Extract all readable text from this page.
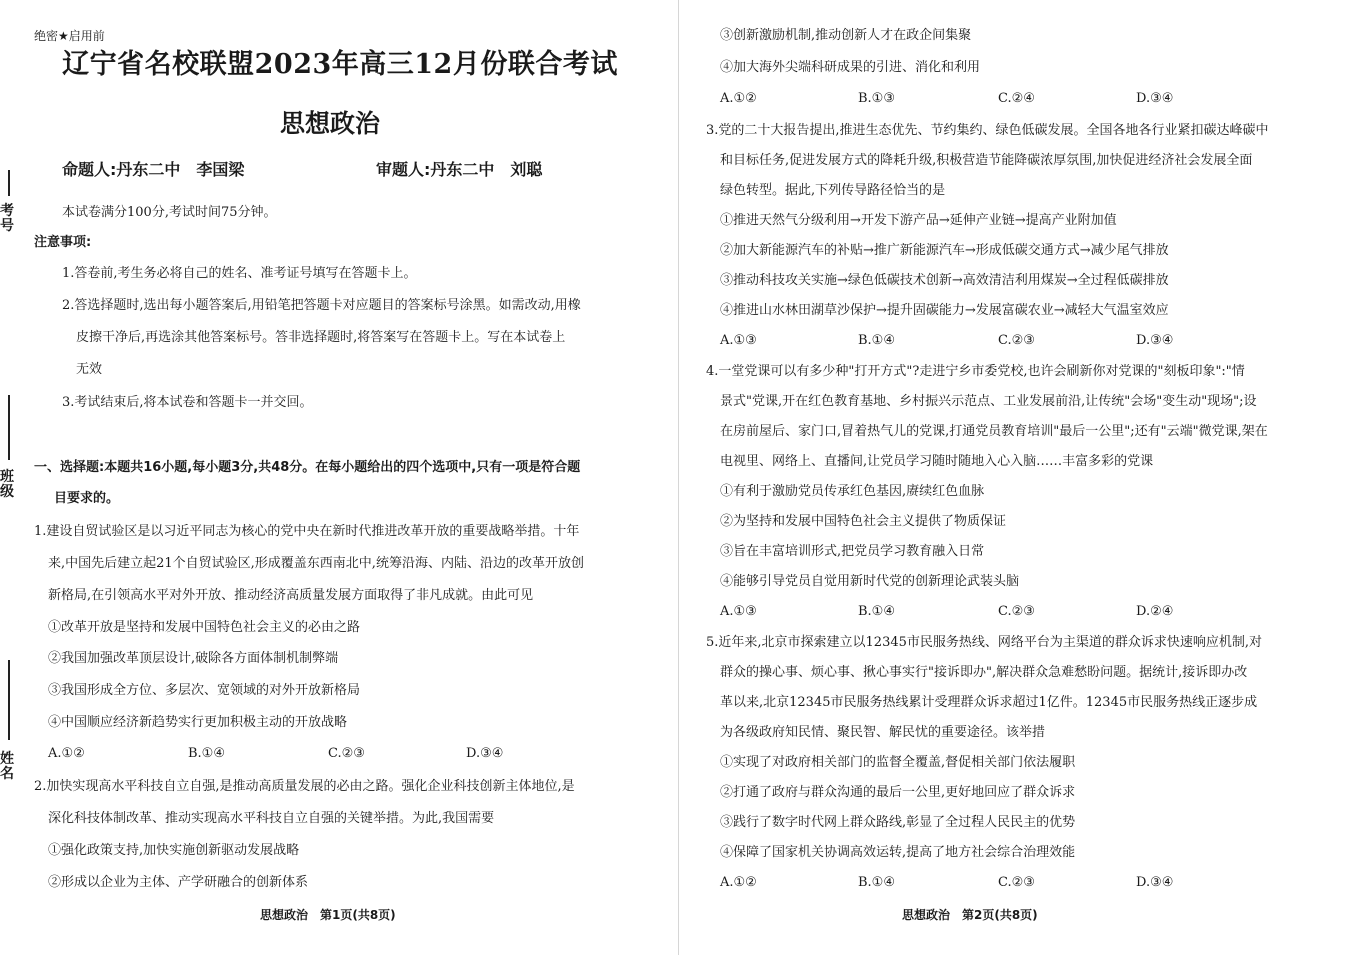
考号
班级
姓名
绝密★启用前
辽宁省名校联盟2023年高三12月份联合考试
思想政治
命题人:丹东二中　李国梁	审题人:丹东二中　刘聪
本试卷满分100分,考试时间75分钟。
注意事项:
1.答卷前,考生务必将自己的姓名、准考证号填写在答题卡上。
2.答选择题时,选出每小题答案后,用铅笔把答题卡对应题目的答案标号涂黑。如需改动,用橡
皮擦干净后,再选涂其他答案标号。答非选择题时,将答案写在答题卡上。写在本试卷上
无效
3.考试结束后,将本试卷和答题卡一并交回。
一、选择题:本题共16小题,每小题3分,共48分。在每小题给出的四个选项中,只有一项是符合题
目要求的。
1.建设自贸试验区是以习近平同志为核心的党中央在新时代推进改革开放的重要战略举措。十年
来,中国先后建立起21个自贸试验区,形成覆盖东西南北中,统筹沿海、内陆、沿边的改革开放创
新格局,在引领高水平对外开放、推动经济高质量发展方面取得了非凡成就。由此可见
①改革开放是坚持和发展中国特色社会主义的必由之路
②我国加强改革顶层设计,破除各方面体制机制弊端
③我国形成全方位、多层次、宽领域的对外开放新格局
④中国顺应经济新趋势实行更加积极主动的开放战略
A.①②	B.①④	C.②③	D.③④
2.加快实现高水平科技自立自强,是推动高质量发展的必由之路。强化企业科技创新主体地位,是
深化科技体制改革、推动实现高水平科技自立自强的关键举措。为此,我国需要
①强化政策支持,加快实施创新驱动发展战略
②形成以企业为主体、产学研融合的创新体系
思想政治　第1页(共8页)
③创新激励机制,推动创新人才在政企间集聚
④加大海外尖端科研成果的引进、消化和利用
A.①②	B.①③	C.②④	D.③④
3.党的二十大报告提出,推进生态优先、节约集约、绿色低碳发展。全国各地各行业紧扣碳达峰碳中
和目标任务,促进发展方式的降耗升级,积极营造节能降碳浓厚氛围,加快促进经济社会发展全面
绿色转型。据此,下列传导路径恰当的是
①推进天然气分级利用→开发下游产品→延伸产业链→提高产业附加值
②加大新能源汽车的补贴→推广新能源汽车→形成低碳交通方式→减少尾气排放
③推动科技攻关实施→绿色低碳技术创新→高效清洁利用煤炭→全过程低碳排放
④推进山水林田湖草沙保护→提升固碳能力→发展富碳农业→减轻大气温室效应
A.①③	B.①④	C.②③	D.③④
4.一堂党课可以有多少种"打开方式"?走进宁乡市委党校,也许会刷新你对党课的"刻板印象":"情
景式"党课,开在红色教育基地、乡村振兴示范点、工业发展前沿,让传统"会场"变生动"现场";设
在房前屋后、家门口,冒着热气儿的党课,打通党员教育培训"最后一公里";还有"云端"微党课,架在
电视里、网络上、直播间,让党员学习随时随地入心入脑……丰富多彩的党课
①有利于激励党员传承红色基因,赓续红色血脉
②为坚持和发展中国特色社会主义提供了物质保证
③旨在丰富培训形式,把党员学习教育融入日常
④能够引导党员自觉用新时代党的创新理论武装头脑
A.①③	B.①④	C.②③	D.②④
5.近年来,北京市探索建立以12345市民服务热线、网络平台为主渠道的群众诉求快速响应机制,对
群众的操心事、烦心事、揪心事实行"接诉即办",解决群众急难愁盼问题。据统计,接诉即办改
革以来,北京12345市民服务热线累计受理群众诉求超过1亿件。12345市民服务热线正逐步成
为各级政府知民情、聚民智、解民忧的重要途径。该举措
①实现了对政府相关部门的监督全覆盖,督促相关部门依法履职
②打通了政府与群众沟通的最后一公里,更好地回应了群众诉求
③践行了数字时代网上群众路线,彰显了全过程人民民主的优势
④保障了国家机关协调高效运转,提高了地方社会综合治理效能
A.①②	B.①④	C.②③	D.③④
思想政治　第2页(共8页)
